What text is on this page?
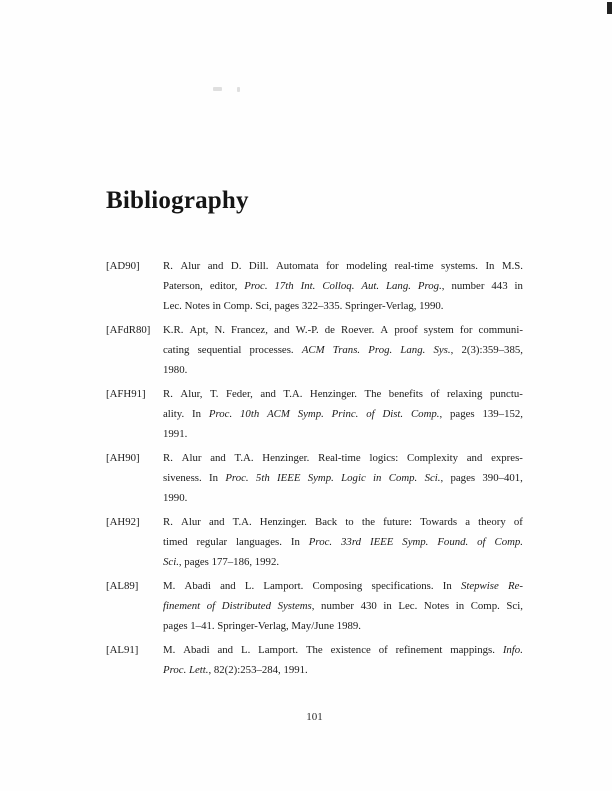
Bibliography
[AD90]	R. Alur and D. Dill. Automata for modeling real-time systems. In M.S.
Paterson, editor, Proc. 17th Int. Colloq. Aut. Lang. Prog., number 443 in
Lec. Notes in Comp. Sci, pages 322–335. Springer-Verlag, 1990.
[AFdR80]	K.R. Apt, N. Francez, and W.-P. de Roever. A proof system for communi-
cating sequential processes. ACM Trans. Prog. Lang. Sys., 2(3):359–385,
1980.
[AFH91]	R. Alur, T. Feder, and T.A. Henzinger. The benefits of relaxing punctu-
ality. In Proc. 10th ACM Symp. Princ. of Dist. Comp., pages 139–152,
1991.
[AH90]	R. Alur and T.A. Henzinger. Real-time logics: Complexity and expres-
siveness. In Proc. 5th IEEE Symp. Logic in Comp. Sci., pages 390–401,
1990.
[AH92]	R. Alur and T.A. Henzinger. Back to the future: Towards a theory of
timed regular languages. In Proc. 33rd IEEE Symp. Found. of Comp.
Sci., pages 177–186, 1992.
[AL89]	M. Abadi and L. Lamport. Composing specifications. In Stepwise Re-
finement of Distributed Systems, number 430 in Lec. Notes in Comp. Sci,
pages 1–41. Springer-Verlag, May/June 1989.
[AL91]	M. Abadi and L. Lamport. The existence of refinement mappings. Info.
Proc. Lett., 82(2):253–284, 1991.
101
